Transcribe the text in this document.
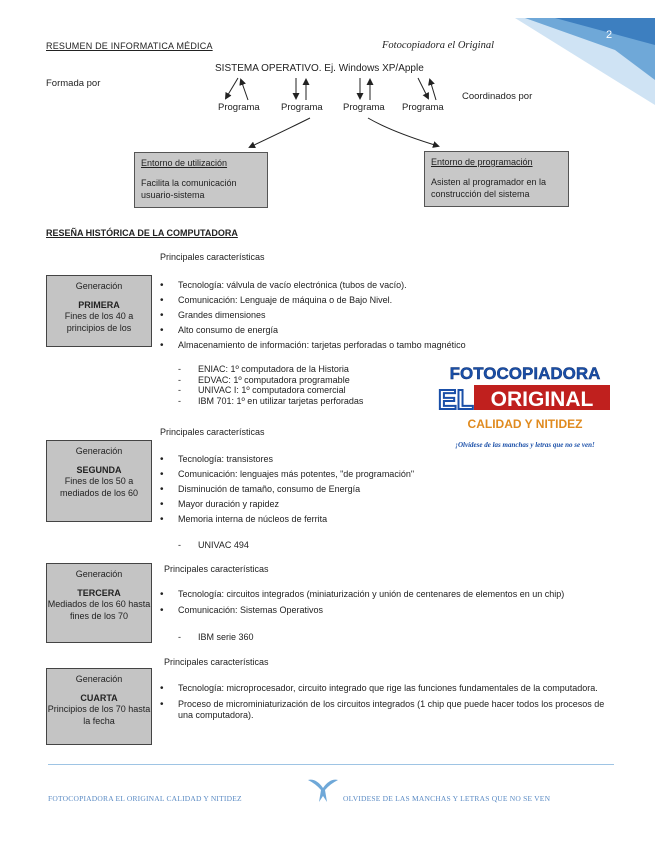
2
RESUMEN DE INFORMATICA MÉDICA	Fotocopiadora el Original
Formada por
SISTEMA OPERATIVO. Ej. Windows XP/Apple
Coordinados por
Programa Programa Programa Programa
Entorno de utilización
Facilita la comunicación usuario-sistema
Entorno de programación
Asisten al programador en la construcción del sistema
RESEÑA HISTÓRICA DE LA COMPUTADORA
Principales características
Generación
PRIMERA
Fines de los 40 a principios de los
• Tecnología: válvula de vacío electrónica (tubos de vacío).
• Comunicación: Lenguaje de máquina o de Bajo Nivel.
• Grandes dimensiones
• Alto consumo de energía
• Almacenamiento de información: tarjetas perforadas o tambo magnético
- ENIAC: 1º computadora de la Historia
- EDVAC: 1º computadora programable
- UNIVAC I: 1º computadora comercial
- IBM 701: 1º en utilizar tarjetas perforadas
FOTOCOPIADORA
EL ORIGINAL
CALIDAD Y NITIDEZ
¡Olvídese de las manchas y letras que no se ven!
Principales características
Generación
SEGUNDA
Fines de los 50 a mediados de los 60
• Tecnología: transistores
• Comunicación: lenguajes más potentes, "de programación"
• Disminución de tamaño, consumo de Energía
• Mayor duración y rapidez
• Memoria interna de núcleos de ferrita
- UNIVAC 494
Principales características
Generación
TERCERA
Mediados de los 60 hasta fines de los 70
• Tecnología: circuitos integrados (miniaturización y unión de centenares de elementos en un chip)
• Comunicación: Sistemas Operativos
- IBM serie 360
Principales características
Generación
CUARTA
Principios de los 70 hasta la fecha
• Tecnología: microprocesador, circuito integrado que rige las funciones fundamentales de la computadora.
• Proceso de microminiaturización de los circuitos integrados (1 chip que puede hacer todos los procesos de una computadora).
FOTOCOPIADORA EL ORIGINAL CALIDAD Y NITIDEZ	OLVIDESE DE LAS MANCHAS Y LETRAS QUE NO SE VEN
